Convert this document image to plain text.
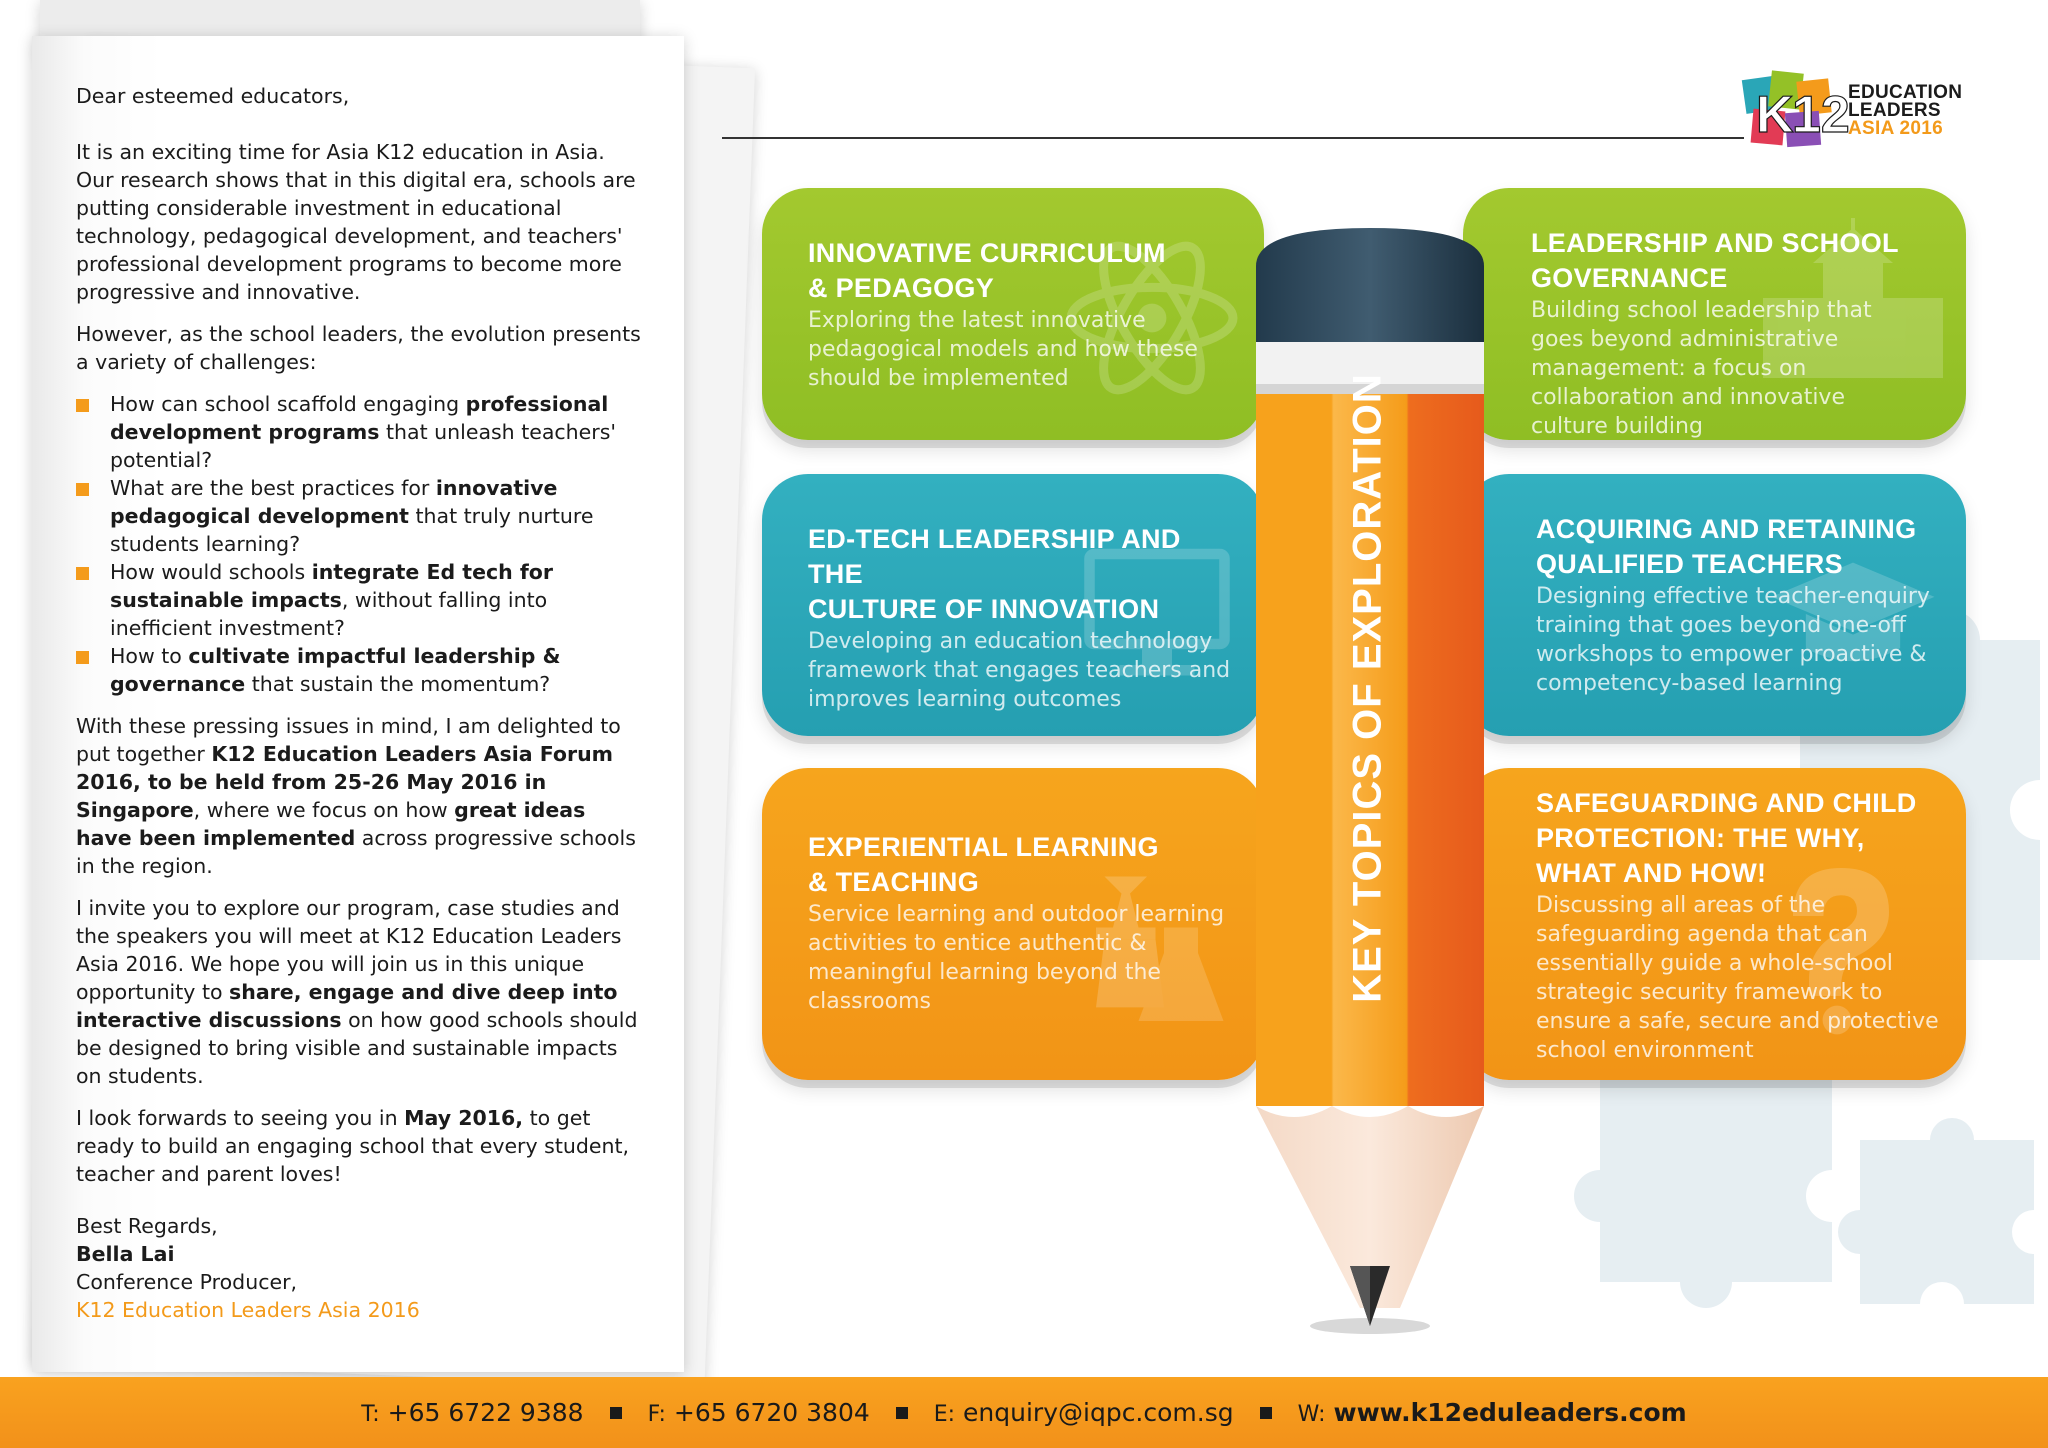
Dear esteemed educators,

It is an exciting time for Asia K12 education in Asia. Our research shows that in this digital era, schools are putting considerable investment in educational technology, pedagogical development, and teachers' professional development programs to become more progressive and innovative.

However, as the school leaders, the evolution presents a variety of challenges:

How can school scaffold engaging professional development programs that unleash teachers' potential?
What are the best practices for innovative pedagogical development that truly nurture students learning?
How would schools integrate Ed tech for sustainable impacts, without falling into inefficient investment?
How to cultivate impactful leadership & governance that sustain the momentum?

With these pressing issues in mind, I am delighted to put together K12 Education Leaders Asia Forum 2016, to be held from 25-26 May 2016 in Singapore, where we focus on how great ideas have been implemented across progressive schools in the region.

I invite you to explore our program, case studies and the speakers you will meet at K12 Education Leaders Asia 2016. We hope you will join us in this unique opportunity to share, engage and dive deep into interactive discussions on how good schools should be designed to bring visible and sustainable impacts on students.

I look forwards to seeing you in May 2016, to get ready to build an engaging school that every student, teacher and parent loves!

Best Regards,
Bella Lai
Conference Producer,
K12 Education Leaders Asia 2016
K
12
EDUCATION
LEADERS
ASIA 2016
INNOVATIVE CURRICULUM
& PEDAGOGY
Exploring the latest innovative pedagogical models and how these should be implemented
LEADERSHIP AND SCHOOL
GOVERNANCE
Building school leadership that goes beyond administrative management: a focus on collaboration and innovative culture building
ED-TECH LEADERSHIP AND THE
CULTURE OF INNOVATION
Developing an education technology framework that engages teachers and improves learning outcomes
ACQUIRING AND RETAINING
QUALIFIED TEACHERS
Designing effective teacher-enquiry training that goes beyond one-off workshops to empower proactive & competency-based learning
EXPERIENTIAL LEARNING
& TEACHING
Service learning and outdoor learning activities to entice authentic & meaningful learning beyond the classrooms
SAFEGUARDING AND CHILD
PROTECTION: THE WHY,
WHAT AND HOW!
Discussing all areas of the safeguarding agenda that can essentially guide a whole-school strategic security framework to ensure a safe, secure and protective school environment
KEY TOPICS OF EXPLORATION
T: +65 6722 9388	F: +65 6720 3804	E: enquiry@iqpc.com.sg	W: www.k12eduleaders.com
